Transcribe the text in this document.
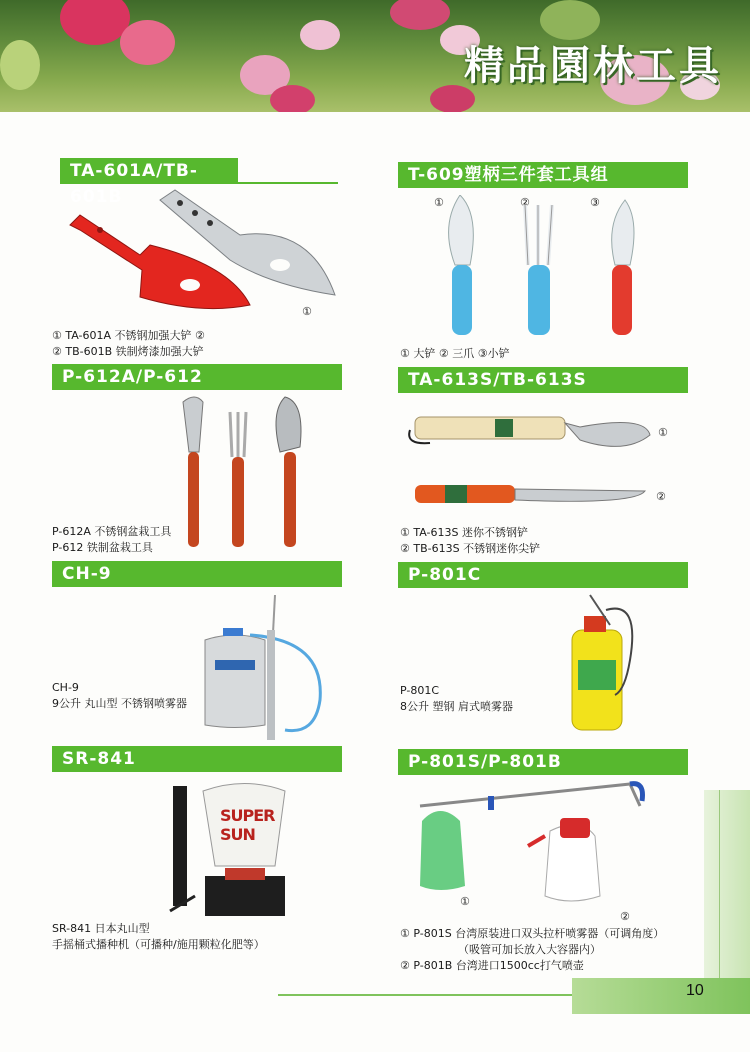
精品園林工具
TA-601A/TB-601B
①
① TA-601A 不锈钢加强大铲 ②
② TB-601B 铁制烤漆加强大铲
T-609塑柄三件套工具组
①	②	③
① 大铲 ② 三爪 ③小铲
P-612A/P-612
P-612A 不锈钢盆栽工具
P-612 铁制盆栽工具
TA-613S/TB-613S
①
②
① TA-613S 迷你不锈钢铲
② TB-613S 不锈钢迷你尖铲
CH-9
CH-9
9公升 丸山型 不锈钢喷雾器
P-801C
P-801C
8公升 塑钢 肩式喷雾器
SR-841
SUPER SUN
SR-841 日本丸山型
手摇桶式播种机（可播种/施用颗粒化肥等）
P-801S/P-801B
①
②
① P-801S 台湾原装进口双头拉杆喷雾器（可调角度）
（吸管可加长放入大容器内）
② P-801B 台湾进口1500cc打气喷壶
10
